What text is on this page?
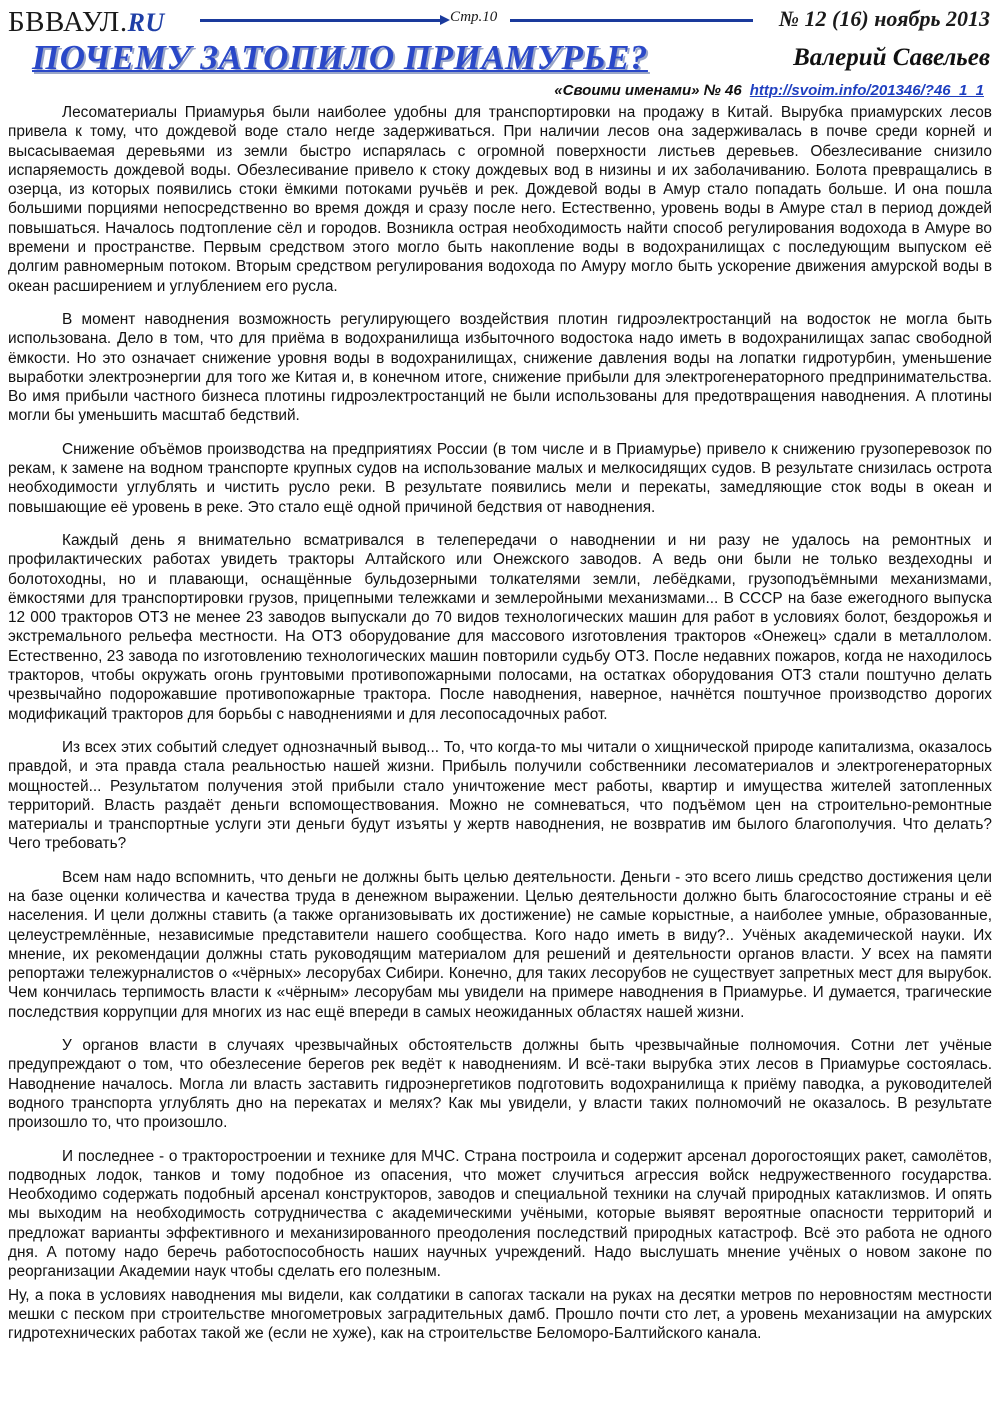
БВВАУЛ.RU	Стр.10	№ 12 (16) ноябрь 2013
ПОЧЕМУ ЗАТОПИЛО ПРИАМУРЬЕ?	Валерий Савельев
«Своими именами» № 46 http://svoim.info/201346/?46_1_1

Лесоматериалы Приамурья были наиболее удобны для транспортировки на продажу в Китай. Вырубка приамурских лесов привела к тому, что дождевой воде стало негде задерживаться. При наличии лесов она задерживалась в почве среди корней и высасываемая деревьями из земли быстро испарялась с огромной поверхности листьев деревьев. Обезлесивание снизило испаряемость дождевой воды. Обезлесивание привело к стоку дождевых вод в низины и их заболачиванию. Болота превращались в озерца, из которых появились стоки ёмкими потоками ручьёв и рек. Дождевой воды в Амур стало попадать больше. И она пошла большими порциями непосредственно во время дождя и сразу после него. Естественно, уровень воды в Амуре стал в период дождей повышаться. Началось подтопление сёл и городов. Возникла острая необходимость найти способ регулирования водохода в Амуре во времени и пространстве. Первым средством этого могло быть накопление воды в водохранилищах с последующим выпуском её долгим равномерным потоком. Вторым средством регулирования водохода по Амуру могло быть ускорение движения амурской воды в океан расширением и углублением его русла.

В момент наводнения возможность регулирующего воздействия плотин гидроэлектростанций на водосток не могла быть использована. Дело в том, что для приёма в водохранилища избыточного водостока надо иметь в водохранилищах запас свободной ёмкости. Но это означает снижение уровня воды в водохранилищах, снижение давления воды на лопатки гидротурбин, уменьшение выработки электроэнергии для того же Китая и, в конечном итоге, снижение прибыли для электрогенераторного предпринимательства. Во имя прибыли частного бизнеса плотины гидроэлектростанций не были использованы для предотвращения наводнения. А плотины могли бы уменьшить масштаб бедствий.

Снижение объёмов производства на предприятиях России (в том числе и в Приамурье) привело к снижению грузоперевозок по рекам, к замене на водном транспорте крупных судов на использование малых и мелкосидящих судов. В результате снизилась острота необходимости углублять и чистить русло реки. В результате появились мели и перекаты, замедляющие сток воды в океан и повышающие её уровень в реке. Это стало ещё одной причиной бедствия от наводнения.

Каждый день я внимательно всматривался в телепередачи о наводнении и ни разу не удалось на ремонтных и профилактических работах увидеть тракторы Алтайского или Онежского заводов. А ведь они были не только вездеходны и болотоходны, но и плавающи, оснащённые бульдозерными толкателями земли, лебёдками, грузоподъёмными механизмами, ёмкостями для транспортировки грузов, прицепными тележками и землеройными механизмами... В СССР на базе ежегодного выпуска 12 000 тракторов ОТЗ не менее 23 заводов выпускали до 70 видов технологических машин для работ в условиях болот, бездорожья и экстремального рельефа местности. На ОТЗ оборудование для массового изготовления тракторов «Онежец» сдали в металлолом. Естественно, 23 завода по изготовлению технологических машин повторили судьбу ОТЗ. После недавних пожаров, когда не находилось тракторов, чтобы окружать огонь грунтовыми противопожарными полосами, на остатках оборудования ОТЗ стали поштучно делать чрезвычайно подорожавшие противопожарные трактора. После наводнения, наверное, начнётся поштучное производство дорогих модификаций тракторов для борьбы с наводнениями и для лесопосадочных работ.

Из всех этих событий следует однозначный вывод... То, что когда-то мы читали о хищнической природе капитализма, оказалось правдой, и эта правда стала реальностью нашей жизни. Прибыль получили собственники лесоматериалов и электрогенераторных мощностей... Результатом получения этой прибыли стало уничтожение мест работы, квартир и имущества жителей затопленных территорий. Власть раздаёт деньги вспомоществования. Можно не сомневаться, что подъёмом цен на строительно-ремонтные материалы и транспортные услуги эти деньги будут изъяты у жертв наводнения, не возвратив им былого благополучия. Что делать? Чего требовать?

Всем нам надо вспомнить, что деньги не должны быть целью деятельности. Деньги - это всего лишь средство достижения цели на базе оценки количества и качества труда в денежном выражении. Целью деятельности должно быть благосостояние страны и её населения. И цели должны ставить (а также организовывать их достижение) не самые корыстные, а наиболее умные, образованные, целеустремлённые, независимые представители нашего сообщества. Кого надо иметь в виду?.. Учёных академической науки. Их мнение, их рекомендации должны стать руководящим материалом для решений и деятельности органов власти. У всех на памяти репортажи тележурналистов о «чёрных» лесорубах Сибири. Конечно, для таких лесорубов не существует запретных мест для вырубок. Чем кончилась терпимость власти к «чёрным» лесорубам мы увидели на примере наводнения в Приамурье. И думается, трагические последствия коррупции для многих из нас ещё впереди в самых неожиданных областях нашей жизни.

У органов власти в случаях чрезвычайных обстоятельств должны быть чрезвычайные полномочия. Сотни лет учёные предупреждают о том, что обезлесение берегов рек ведёт к наводнениям. И всё-таки вырубка этих лесов в Приамурье состоялась. Наводнение началось. Могла ли власть заставить гидроэнергетиков подготовить водохранилища к приёму паводка, а руководителей водного транспорта углублять дно на перекатах и мелях? Как мы увидели, у власти таких полномочий не оказалось. В результате произошло то, что произошло.

И последнее - о тракторостроении и технике для МЧС. Страна построила и содержит арсенал дорогостоящих ракет, самолётов, подводных лодок, танков и тому подобное из опасения, что может случиться агрессия войск недружественного государства. Необходимо содержать подобный арсенал конструкторов, заводов и специальной техники на случай природных катаклизмов. И опять мы выходим на необходимость сотрудничества с академическими учёными, которые выявят вероятные опасности территорий и предложат варианты эффективного и механизированного преодоления последствий природных катастроф. Всё это работа не одного дня. А потому надо беречь работоспособность наших научных учреждений. Надо выслушать мнение учёных о новом законе по реорганизации Академии наук чтобы сделать его полезным.

Ну, а пока в условиях наводнения мы видели, как солдатики в сапогах таскали на руках на десятки метров по неровностям местности мешки с песком при строительстве многометровых заградительных дамб. Прошло почти сто лет, а уровень механизации на амурских гидротехнических работах такой же (если не хуже), как на строительстве Беломоро-Балтийского канала.
